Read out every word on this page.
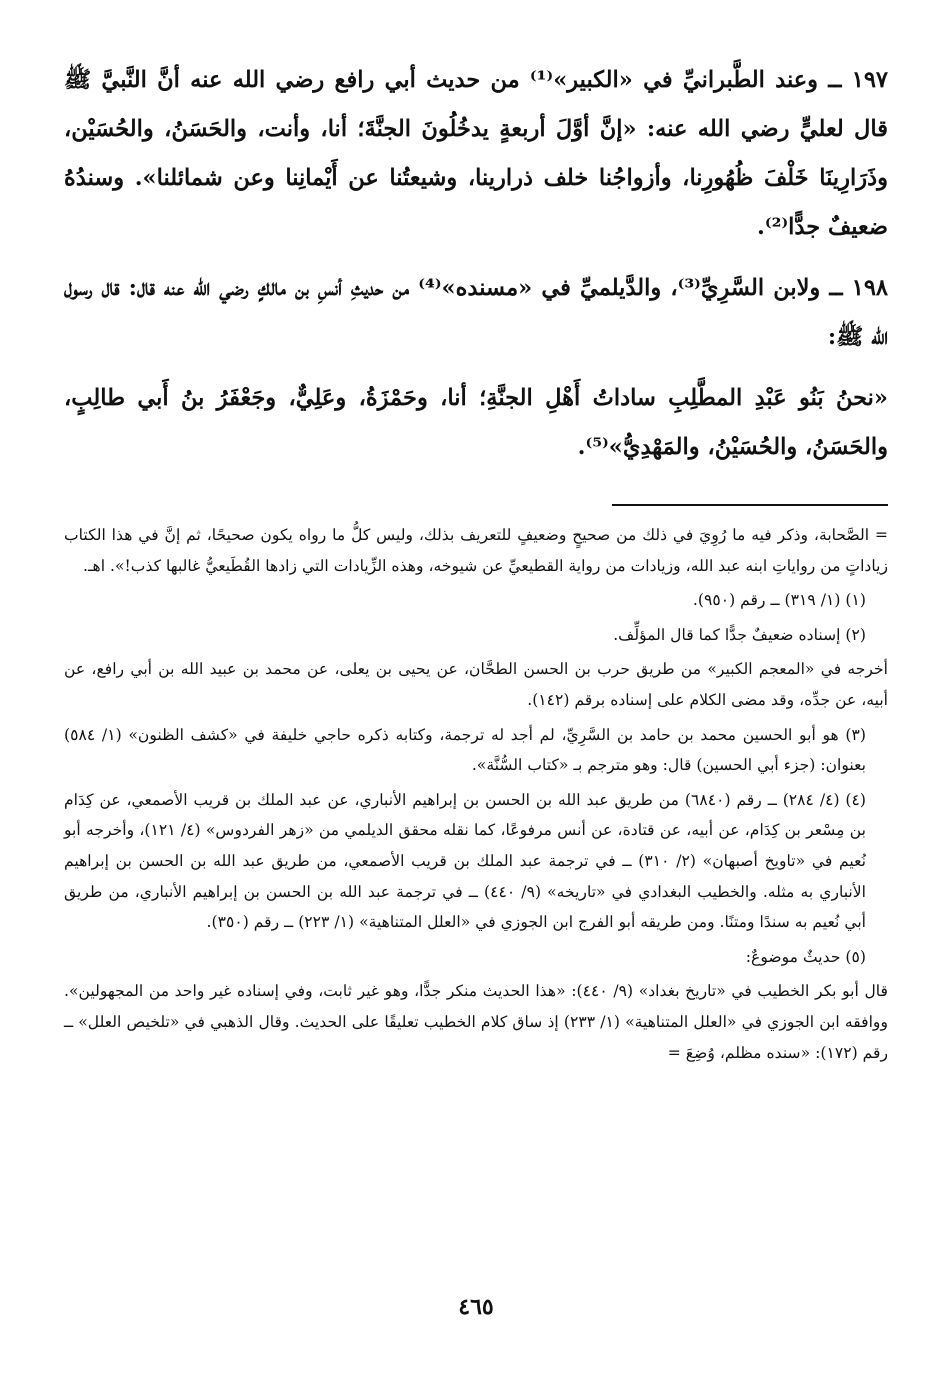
١٩٧ ــ وعند الطَّبرانيِّ في «الكبير»⁽¹⁾ من حديث أبي رافع رضي الله عنه أنَّ النَّبيَّ ﷺ قال لعليٍّ رضي الله عنه: «إنَّ أوَّلَ أربعةٍ يدخُلُونَ الجنَّةَ؛ أنا، وأنت، والحَسَنُ، والحُسَيْن، وذَرَارِينَا خَلْفَ ظُهُورِنا، وأزواجُنا خلف ذرارينا، وشيعتُنا عن أَيْمانِنا وعن شمائلنا». وسندُهُ ضعيفٌ جدًّا⁽²⁾.

١٩٨ ــ ولابن السَّرِيِّ⁽³⁾، والدَّيلميِّ في «مسنده»⁽⁴⁾ من حديثِ أنسِ بن مالكٍ رضي الله عنه قال: قال رسول الله ﷺ:

«نحنُ بَنُو عَبْدِ المطَّلِبِ ساداتُ أَهْلِ الجنَّةِ؛ أنا، وحَمْزَةُ، وعَلِيٌّ، وجَعْفَرُ بنُ أَبي طالِبٍ، والحَسَنُ، والحُسَيْنُ، والمَهْدِيُّ»⁽⁵⁾.

= الصَّحابة، وذكر فيه ما رُوِيَ في ذلك من صحيحٍ وضعيفٍ للتعريف بذلك، وليس كلُّ ما رواه يكون صحيحًا، ثم إنَّ في هذا الكتاب زياداتٍ من رواياتِ ابنه عبد الله، وزيادات من رواية القطيعيِّ عن شيوخه، وهذه الزِّيادات التي زادها القُطَيعيُّ غالبها كذب!». اهـ.

(١) (١/ ٣١٩) ــ رقم (٩٥٠).

(٢) إسناده ضعيفٌ جدًّا كما قال المؤلِّف.

أخرجه في «المعجم الكبير» من طريق حرب بن الحسن الطحَّان، عن يحيى بن يعلى، عن محمد بن عبيد الله بن أبي رافع، عن أبيه، عن جدِّه، وقد مضى الكلام على إسناده برقم (١٤٢).

(٣) هو أبو الحسين محمد بن حامد بن السَّرِيِّ، لم أجد له ترجمة، وكتابه ذكره حاجي خليفة في «كشف الظنون» (١/ ٥٨٤) بعنوان: (جزء أبي الحسين) قال: وهو مترجم بـ «كتاب السُّنَّة».

(٤) (٤/ ٢٨٤) ــ رقم (٦٨٤٠) من طريق عبد الله بن الحسن بن إبراهيم الأنباري، عن عبد الملك بن قريب الأصمعي، عن كِدَام بن مِسْعر بن كِدَام، عن أبيه، عن قتادة، عن أنس مرفوعًا، كما نقله محقق الديلمي من «زهر الفردوس» (٤/ ١٢١)، وأخرجه أبو نُعيم في «تاويخ أصبهان» (٢/ ٣١٠) ــ في ترجمة عبد الملك بن قريب الأصمعي، من طريق عبد الله بن الحسن بن إبراهيم الأنباري به مثله. والخطيب البغدادي في «تاريخه» (٩/ ٤٤٠) ــ في ترجمة عبد الله بن الحسن بن إبراهيم الأنباري، من طريق أبي نُعيم به سندًا ومتنًا. ومن طريقه أبو الفرج ابن الجوزي في «العلل المتناهية» (١/ ٢٢٣) ــ رقم (٣٥٠).

(٥) حديثٌ موضوعٌ:

قال أبو بكر الخطيب في «تاريخ بغداد» (٩/ ٤٤٠): «هذا الحديث منكر جدًّا، وهو غير ثابت، وفي إسناده غير واحد من المجهولين». ووافقه ابن الجوزي في «العلل المتناهية» (١/ ٢٣٣) إذ ساق كلام الخطيب تعليقًا على الحديث. وقال الذهبي في «تلخيص العلل» ــ رقم (١٧٢): «سنده مظلم، وُضِعَ =

٤٦٥
